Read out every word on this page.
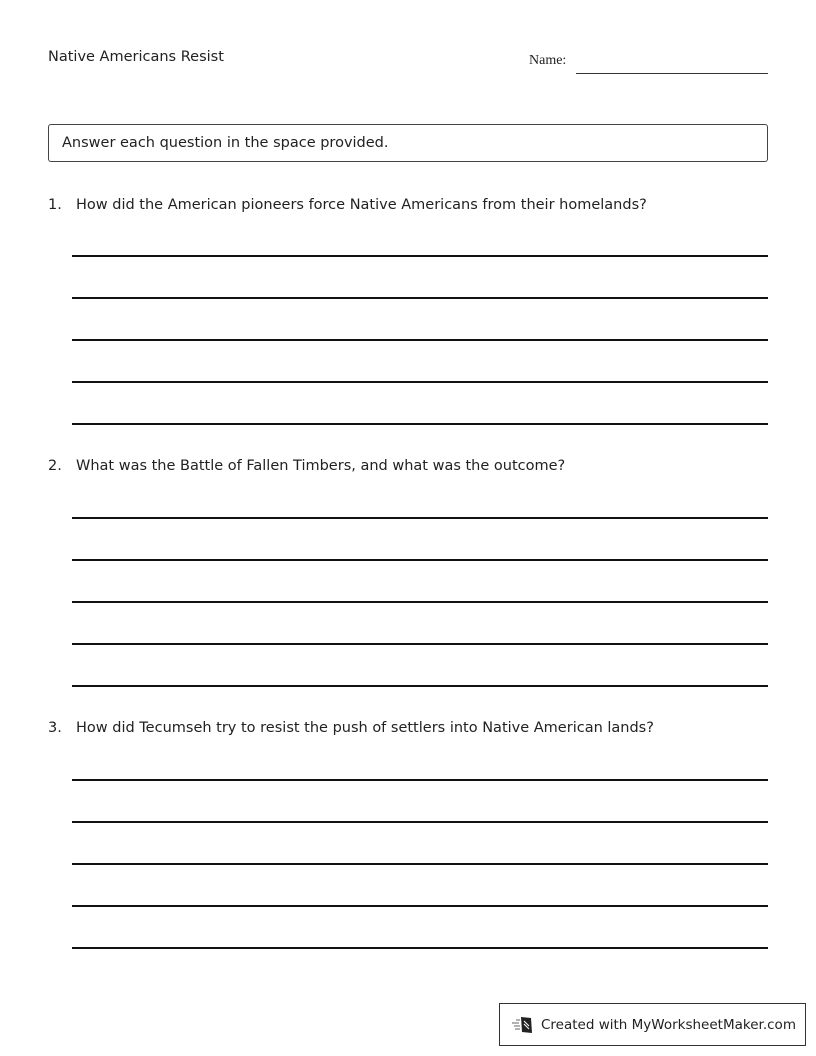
Native Americans Resist	Name:
Answer each question in the space provided.
1. How did the American pioneers force Native Americans from their homelands?
2. What was the Battle of Fallen Timbers, and what was the outcome?
3. How did Tecumseh try to resist the push of settlers into Native American lands?
Created with MyWorksheetMaker.com
